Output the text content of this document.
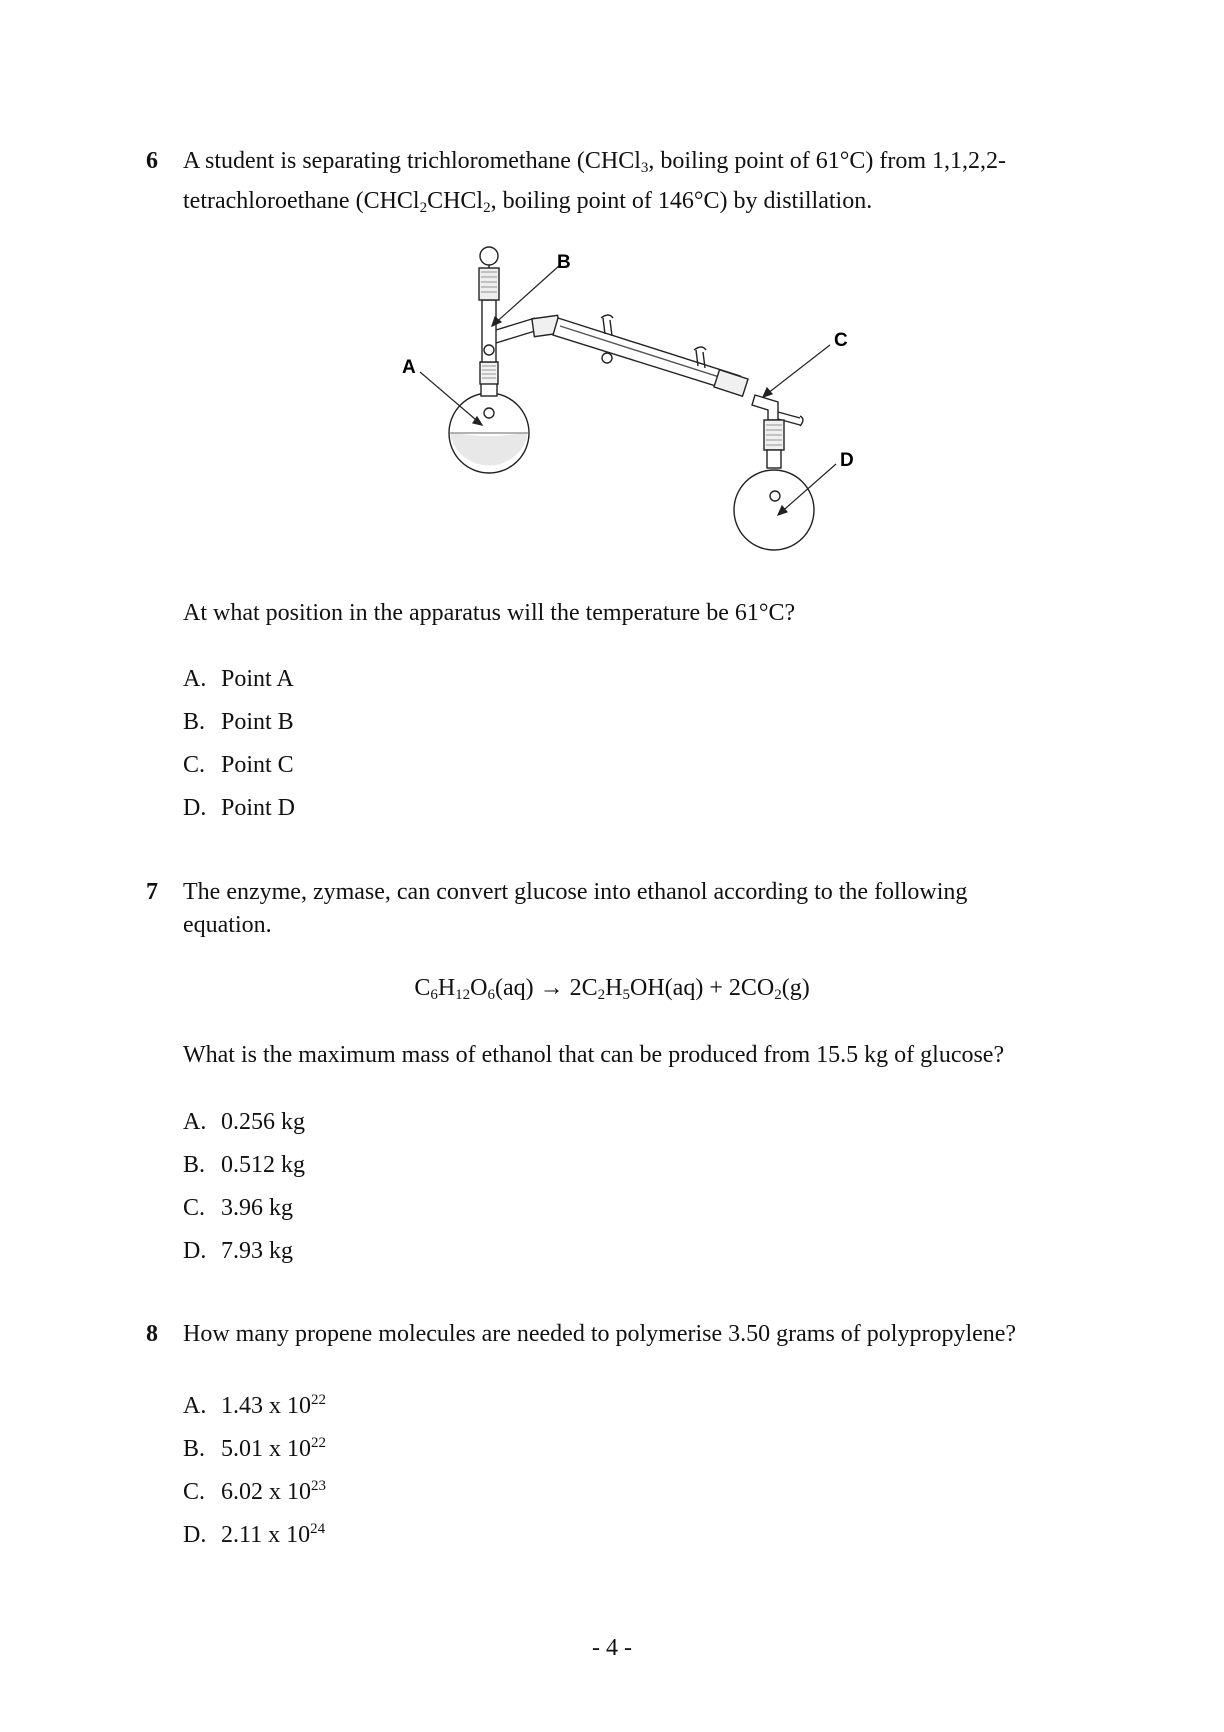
6 A student is separating trichloromethane (CHCl$_3$, boiling point of 61°C) from 1,1,2,2-
tetrachloroethane (CHCl$_2$CHCl$_2$, boiling point of 146°C) by distillation.
A
B
C
D
At what position in the apparatus will the temperature be 61°C?
A. Point A
B. Point B
C. Point C
D. Point D
7 The enzyme, zymase, can convert glucose into ethanol according to the following
equation.
$C_6H_{12}O_6(aq) \to 2C_2H_5OH(aq) + 2CO_2(g)$
What is the maximum mass of ethanol that can be produced from 15.5 kg of glucose?
A. 0.256 kg
B. 0.512 kg
C. 3.96 kg
D. 7.93 kg
8 How many propene molecules are needed to polymerise 3.50 grams of polypropylene?
A. 1.43 x $10^{22}$
B. 5.01 x $10^{22}$
C. 6.02 x $10^{23}$
D. 2.11 x $10^{24}$
- 4 -
